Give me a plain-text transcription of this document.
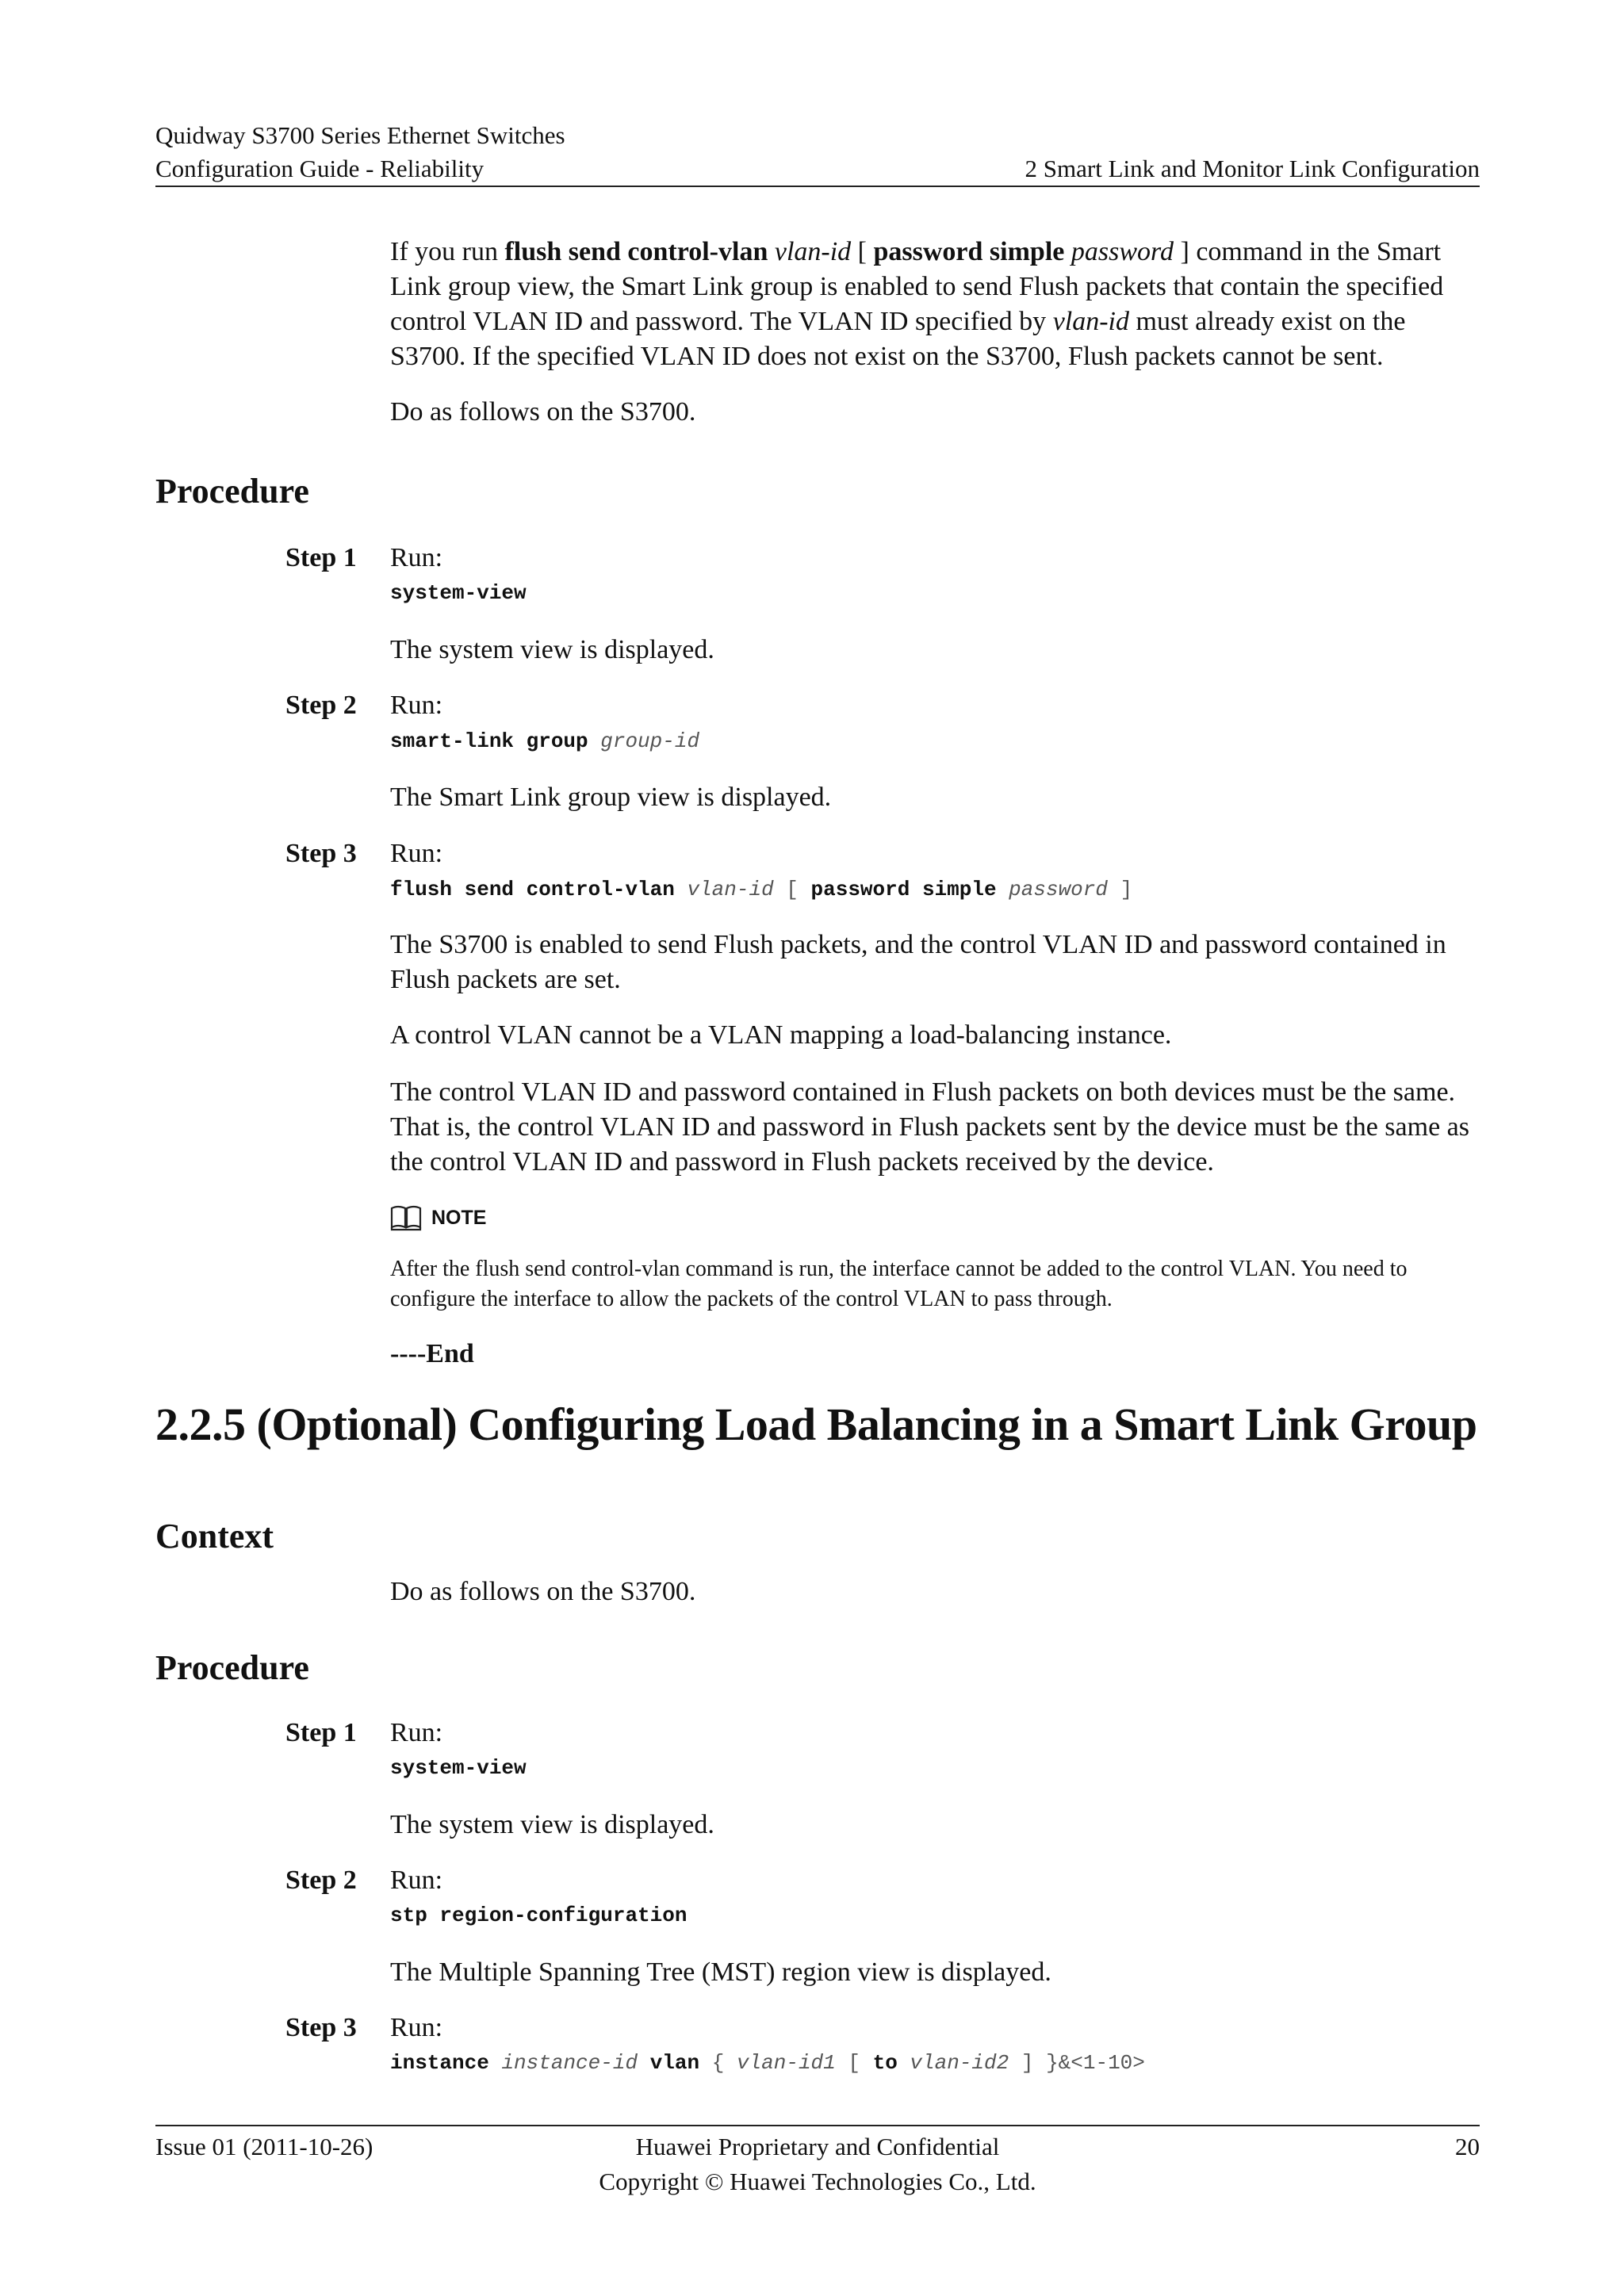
Quidway S3700 Series Ethernet Switches
Configuration Guide - Reliability	2 Smart Link and Monitor Link Configuration

If you run flush send control-vlan vlan-id [ password simple password ] command in the Smart Link group view, the Smart Link group is enabled to send Flush packets that contain the specified control VLAN ID and password. The VLAN ID specified by vlan-id must already exist on the S3700. If the specified VLAN ID does not exist on the S3700, Flush packets cannot be sent.

Do as follows on the S3700.

Procedure
Step 1 Run:
system-view

The system view is displayed.

Step 2 Run:
smart-link group group-id

The Smart Link group view is displayed.

Step 3 Run:
flush send control-vlan vlan-id [ password simple password ]

The S3700 is enabled to send Flush packets, and the control VLAN ID and password contained in Flush packets are set.

A control VLAN cannot be a VLAN mapping a load-balancing instance.

The control VLAN ID and password contained in Flush packets on both devices must be the same. That is, the control VLAN ID and password in Flush packets sent by the device must be the same as the control VLAN ID and password in Flush packets received by the device.

NOTE

After the flush send control-vlan command is run, the interface cannot be added to the control VLAN. You need to configure the interface to allow the packets of the control VLAN to pass through.

----End
2.2.5 (Optional) Configuring Load Balancing in a Smart Link Group
Context

Do as follows on the S3700.

Procedure
Step 1 Run:
system-view

The system view is displayed.

Step 2 Run:
stp region-configuration

The Multiple Spanning Tree (MST) region view is displayed.

Step 3 Run:
instance instance-id vlan { vlan-id1 [ to vlan-id2 ] }&<1-10>
Issue 01 (2011-10-26)	Huawei Proprietary and Confidential
Copyright © Huawei Technologies Co., Ltd.
20
